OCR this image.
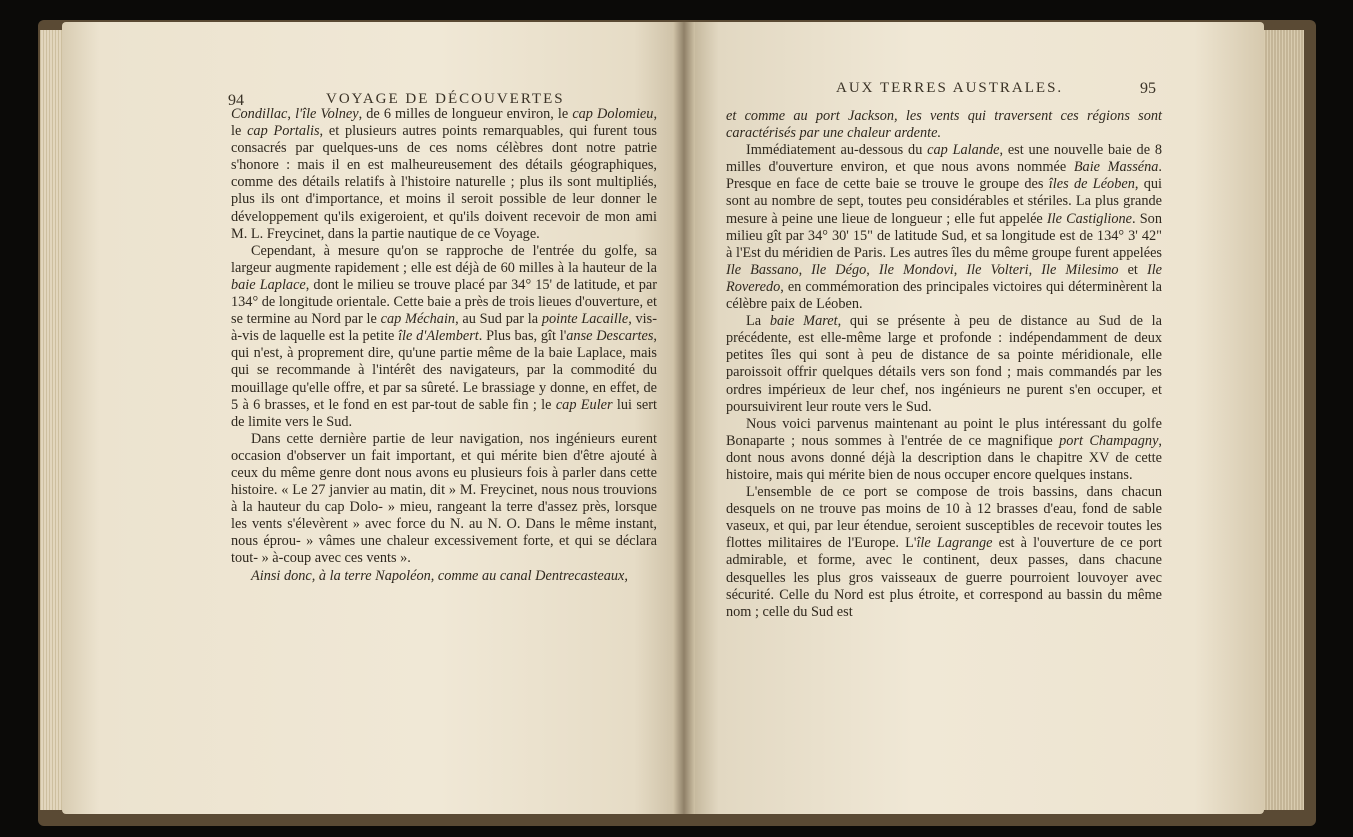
94	VOYAGE DE DÉCOUVERTES
AUX TERRES AUSTRALES.	95

Condillac, l'île Volney, de 6 milles de longueur environ, le cap Dolomieu, le cap Portalis, et plusieurs autres points remarquables, qui furent tous consacrés par quelques-uns de ces noms célèbres dont notre patrie s'honore : mais il en est malheureusement des détails géographiques, comme des détails relatifs à l'histoire naturelle ; plus ils sont multipliés, plus ils ont d'importance, et moins il seroit possible de leur donner le développement qu'ils exigeroient, et qu'ils doivent recevoir de mon ami M. L. Freycinet, dans la partie nautique de ce Voyage.

Cependant, à mesure qu'on se rapproche de l'entrée du golfe, sa largeur augmente rapidement ; elle est déjà de 60 milles à la hauteur de la baie Laplace, dont le milieu se trouve placé par 34° 15' de latitude, et par 134° de longitude orientale. Cette baie a près de trois lieues d'ouverture, et se termine au Nord par le cap Méchain, au Sud par la pointe Lacaille, vis-à-vis de laquelle est la petite île d'Alembert. Plus bas, gît l'anse Descartes, qui n'est, à proprement dire, qu'une partie même de la baie Laplace, mais qui se recommande à l'intérêt des navigateurs, par la commodité du mouillage qu'elle offre, et par sa sûreté. Le brassiage y donne, en effet, de 5 à 6 brasses, et le fond en est par-tout de sable fin ; le cap Euler lui sert de limite vers le Sud.

Dans cette dernière partie de leur navigation, nos ingénieurs eurent occasion d'observer un fait important, et qui mérite bien d'être ajouté à ceux du même genre dont nous avons eu plusieurs fois à parler dans cette histoire. « Le 27 janvier au matin, dit » M. Freycinet, nous nous trouvions à la hauteur du cap Dolo- » mieu, rangeant la terre d'assez près, lorsque les vents s'élevèrent » avec force du N. au N. O. Dans le même instant, nous éprou- » vâmes une chaleur excessivement forte, et qui se déclara tout- » à-coup avec ces vents ».

Ainsi donc, à la terre Napoléon, comme au canal Dentrecasteaux,

et comme au port Jackson, les vents qui traversent ces régions sont caractérisés par une chaleur ardente.

Immédiatement au-dessous du cap Lalande, est une nouvelle baie de 8 milles d'ouverture environ, et que nous avons nommée Baie Masséna. Presque en face de cette baie se trouve le groupe des îles de Léoben, qui sont au nombre de sept, toutes peu considérables et stériles. La plus grande mesure à peine une lieue de longueur ; elle fut appelée Ile Castiglione. Son milieu gît par 34° 30' 15" de latitude Sud, et sa longitude est de 134° 3' 42" à l'Est du méridien de Paris. Les autres îles du même groupe furent appelées Ile Bassano, Ile Dégo, Ile Mondovi, Ile Volteri, Ile Milesimo et Ile Roveredo, en commémoration des principales victoires qui déterminèrent la célèbre paix de Léoben.

La baie Maret, qui se présente à peu de distance au Sud de la précédente, est elle-même large et profonde : indépendamment de deux petites îles qui sont à peu de distance de sa pointe méridionale, elle paroissoit offrir quelques détails vers son fond ; mais commandés par les ordres impérieux de leur chef, nos ingénieurs ne purent s'en occuper, et poursuivirent leur route vers le Sud.

Nous voici parvenus maintenant au point le plus intéressant du golfe Bonaparte ; nous sommes à l'entrée de ce magnifique port Champagny, dont nous avons donné déjà la description dans le chapitre XV de cette histoire, mais qui mérite bien de nous occuper encore quelques instans.

L'ensemble de ce port se compose de trois bassins, dans chacun desquels on ne trouve pas moins de 10 à 12 brasses d'eau, fond de sable vaseux, et qui, par leur étendue, seroient susceptibles de recevoir toutes les flottes militaires de l'Europe. L'île Lagrange est à l'ouverture de ce port admirable, et forme, avec le continent, deux passes, dans chacune desquelles les plus gros vaisseaux de guerre pourroient louvoyer avec sécurité. Celle du Nord est plus étroite, et correspond au bassin du même nom ; celle du Sud est
